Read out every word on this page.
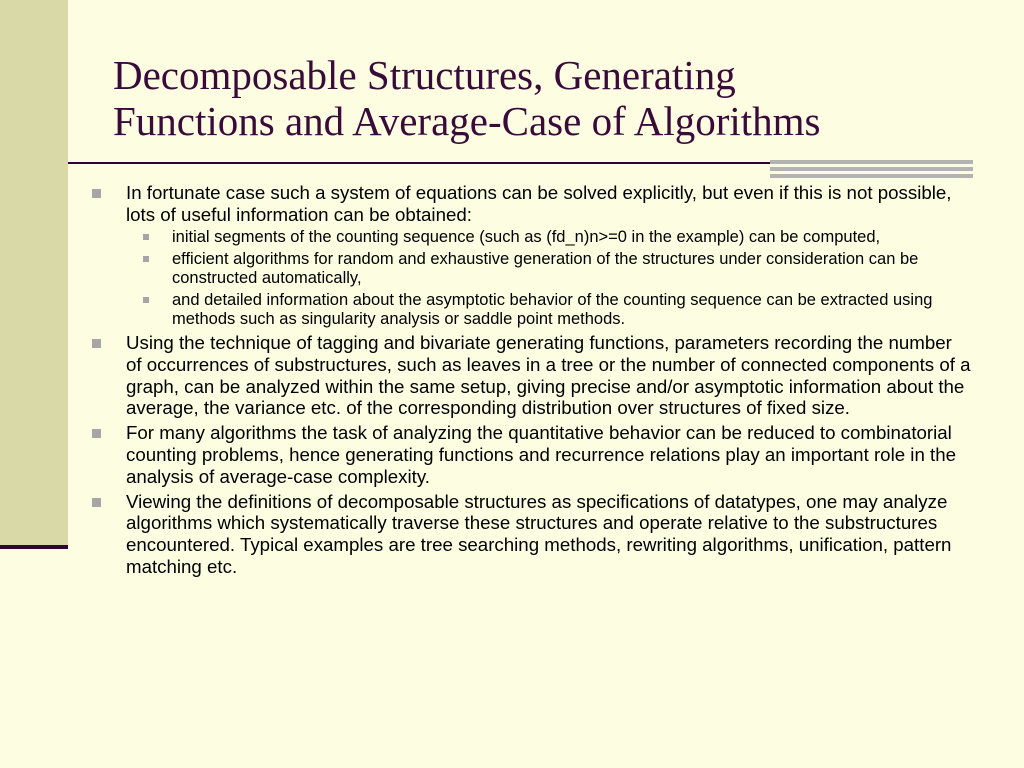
Decomposable Structures, Generating
Functions and Average-Case of Algorithms
In fortunate case such a system of equations can be solved explicitly, but even if this is not possible, lots of useful information can be obtained:
initial segments of the counting sequence (such as (fd_n)n>=0 in the example) can be computed,
efficient algorithms for random and exhaustive generation of the structures under consideration can be constructed automatically,
and detailed information about the asymptotic behavior of the counting sequence can be extracted using methods such as singularity analysis or saddle point methods.
Using the technique of tagging and bivariate generating functions, parameters recording the number of occurrences of substructures, such as leaves in a tree or the number of connected components of a graph, can be analyzed within the same setup, giving precise and/or asymptotic information about the average, the variance etc. of the corresponding distribution over structures of fixed size.
For many algorithms the task of analyzing the quantitative behavior can be reduced to combinatorial counting problems, hence generating functions and recurrence relations play an important role in the analysis of average-case complexity.
Viewing the definitions of decomposable structures as specifications of datatypes, one may analyze algorithms which systematically traverse these structures and operate relative to the substructures encountered. Typical examples are tree searching methods, rewriting algorithms, unification, pattern matching etc.
